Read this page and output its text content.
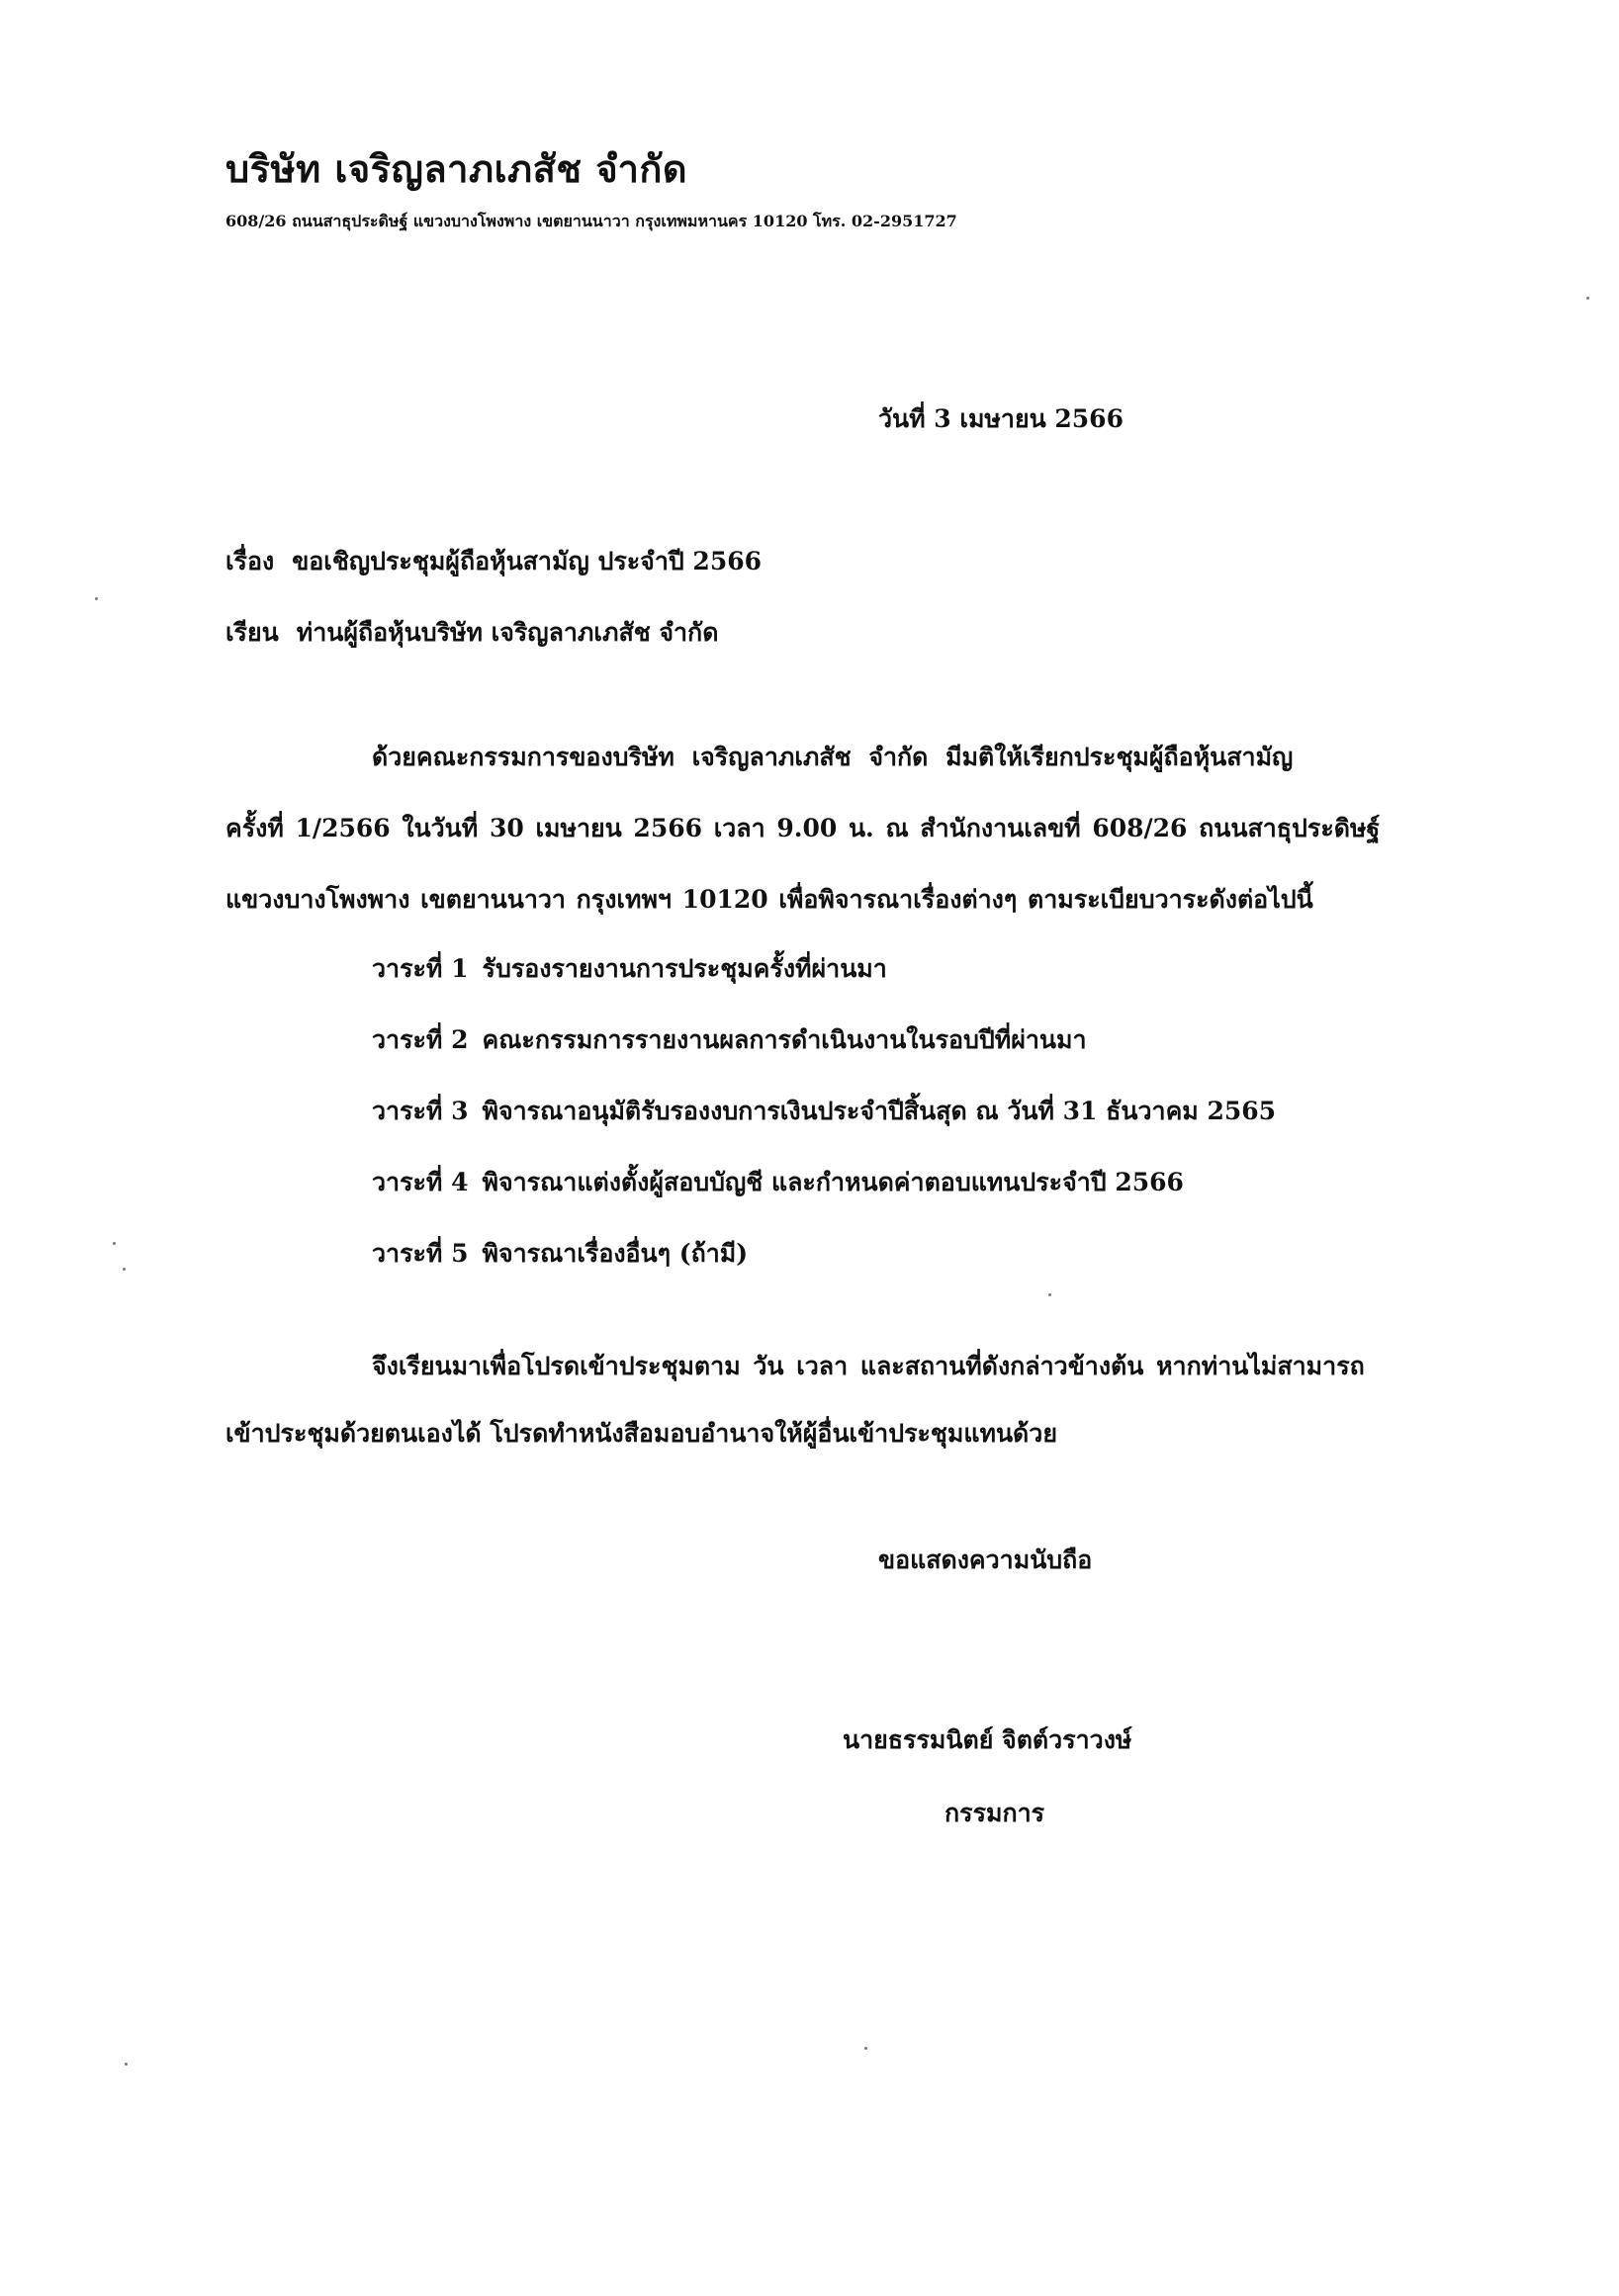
บริษัท เจริญลาภเภสัช จำกัด
608/26 ถนนสาธุประดิษฐ์ แขวงบางโพงพาง เขตยานนาวา กรุงเทพมหานคร 10120 โทร. 02-2951727
วันที่ 3 เมษายน 2566
เรื่อง ขอเชิญประชุมผู้ถือหุ้นสามัญ ประจำปี 2566
เรียน ท่านผู้ถือหุ้นบริษัท เจริญลาภเภสัช จำกัด
ด้วยคณะกรรมการของบริษัท เจริญลาภเภสัช จำกัด มีมติให้เรียกประชุมผู้ถือหุ้นสามัญ
ครั้งที่ 1/2566 ในวันที่ 30 เมษายน 2566 เวลา 9.00 น. ณ สำนักงานเลขที่ 608/26 ถนนสาธุประดิษฐ์
แขวงบางโพงพาง เขตยานนาวา กรุงเทพฯ 10120 เพื่อพิจารณาเรื่องต่างๆ ตามระเบียบวาระดังต่อไปนี้
วาระที่ 1 รับรองรายงานการประชุมครั้งที่ผ่านมา
วาระที่ 2 คณะกรรมการรายงานผลการดำเนินงานในรอบปีที่ผ่านมา
วาระที่ 3 พิจารณาอนุมัติรับรองงบการเงินประจำปีสิ้นสุด ณ วันที่ 31 ธันวาคม 2565
วาระที่ 4 พิจารณาแต่งตั้งผู้สอบบัญชี และกำหนดค่าตอบแทนประจำปี 2566
วาระที่ 5 พิจารณาเรื่องอื่นๆ (ถ้ามี)
จึงเรียนมาเพื่อโปรดเข้าประชุมตาม วัน เวลา และสถานที่ดังกล่าวข้างต้น หากท่านไม่สามารถ
เข้าประชุมด้วยตนเองได้ โปรดทำหนังสือมอบอำนาจให้ผู้อื่นเข้าประชุมแทนด้วย
ขอแสดงความนับถือ
นายธรรมนิตย์ จิตต์วราวงษ์
กรรมการ
